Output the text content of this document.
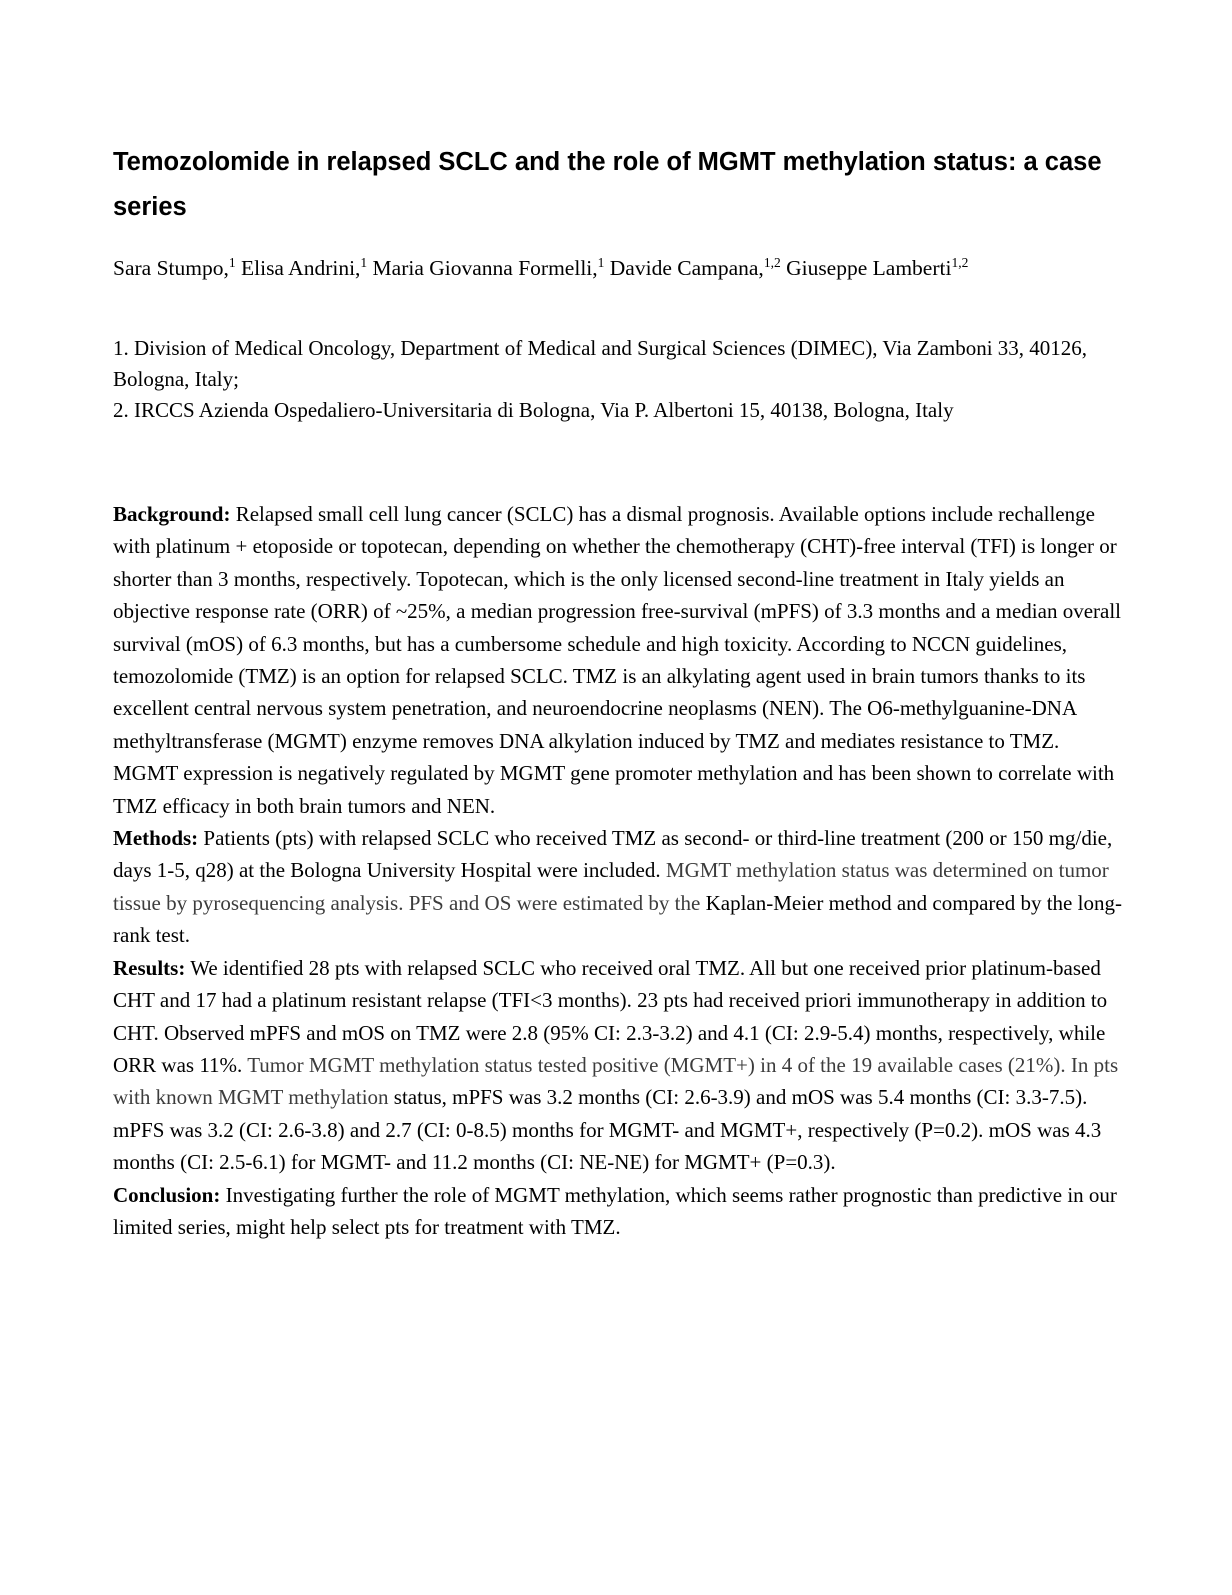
Temozolomide in relapsed SCLC and the role of MGMT methylation status: a case series

Sara Stumpo,$^1$ Elisa Andrini,$^1$ Maria Giovanna Formelli,$^1$ Davide Campana,$^{1,2}$ Giuseppe Lamberti$^{1,2}$

1. Division of Medical Oncology, Department of Medical and Surgical Sciences (DIMEC), Via Zamboni 33, 40126, Bologna, Italy;

2. IRCCS Azienda Ospedaliero-Universitaria di Bologna, Via P. Albertoni 15, 40138, Bologna, Italy

Background: Relapsed small cell lung cancer (SCLC) has a dismal prognosis. Available options include rechallenge with platinum + etoposide or topotecan, depending on whether the chemotherapy (CHT)-free interval (TFI) is longer or shorter than 3 months, respectively. Topotecan, which is the only licensed second-line treatment in Italy yields an objective response rate (ORR) of ~25%, a median progression free-survival (mPFS) of 3.3 months and a median overall survival (mOS) of 6.3 months, but has a cumbersome schedule and high toxicity. According to NCCN guidelines, temozolomide (TMZ) is an option for relapsed SCLC. TMZ is an alkylating agent used in brain tumors thanks to its excellent central nervous system penetration, and neuroendocrine neoplasms (NEN). The O6-methylguanine-DNA methyltransferase (MGMT) enzyme removes DNA alkylation induced by TMZ and mediates resistance to TMZ. MGMT expression is negatively regulated by MGMT gene promoter methylation and has been shown to correlate with TMZ efficacy in both brain tumors and NEN.

Methods: Patients (pts) with relapsed SCLC who received TMZ as second- or third-line treatment (200 or 150 mg/die, days 1-5, q28) at the Bologna University Hospital were included. MGMT methylation status was determined on tumor tissue by pyrosequencing analysis. PFS and OS were estimated by the Kaplan-Meier method and compared by the long-rank test.

Results: We identified 28 pts with relapsed SCLC who received oral TMZ. All but one received prior platinum-based CHT and 17 had a platinum resistant relapse (TFI<3 months). 23 pts had received priori immunotherapy in addition to CHT. Observed mPFS and mOS on TMZ were 2.8 (95% CI: 2.3-3.2) and 4.1 (CI: 2.9-5.4) months, respectively, while ORR was 11%. Tumor MGMT methylation status tested positive (MGMT+) in 4 of the 19 available cases (21%). In pts with known MGMT methylation status, mPFS was 3.2 months (CI: 2.6-3.9) and mOS was 5.4 months (CI: 3.3-7.5). mPFS was 3.2 (CI: 2.6-3.8) and 2.7 (CI: 0-8.5) months for MGMT- and MGMT+, respectively (P=0.2). mOS was 4.3 months (CI: 2.5-6.1) for MGMT- and 11.2 months (CI: NE-NE) for MGMT+ (P=0.3).

Conclusion: Investigating further the role of MGMT methylation, which seems rather prognostic than predictive in our limited series, might help select pts for treatment with TMZ.
